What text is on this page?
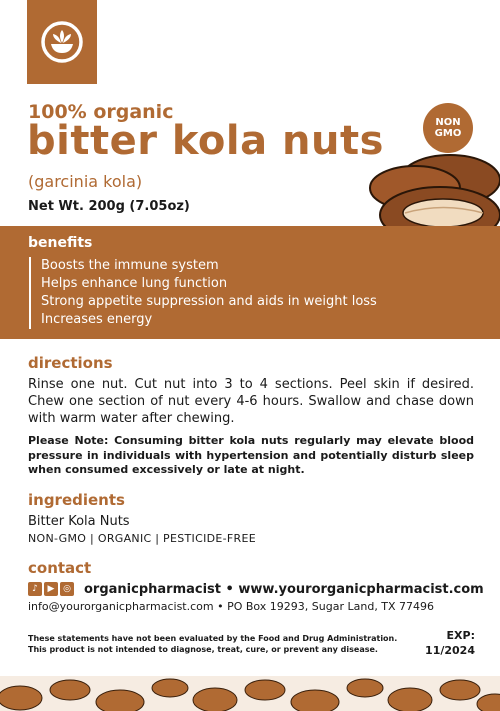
NON
GMO
100% organic
bitter kola nuts
(garcinia kola)
Net Wt. 200g (7.05oz)
benefits
Boosts the immune system
Helps enhance lung function
Strong appetite suppression and aids in weight loss
Increases energy
directions
Rinse one nut. Cut nut into 3 to 4 sections. Peel skin if desired. Chew one section of nut every 4-6 hours. Swallow and chase down with warm water after chewing.
Please Note: Consuming bitter kola nuts regularly may elevate blood pressure in individuals with hypertension and potentially disturb sleep when consumed excessively or late at night.
ingredients
Bitter Kola Nuts
NON-GMO | ORGANIC | PESTICIDE-FREE
contact
♪	▶ ◎ organicpharmacist • www.yourorganicpharmacist.com
info@yourorganicpharmacist.com • PO Box 19293, Sugar Land, TX 77496
These statements have not been evaluated by the Food and Drug Administration. This product is not intended to diagnose, treat, cure, or prevent any disease.
EXP:
11/2024
